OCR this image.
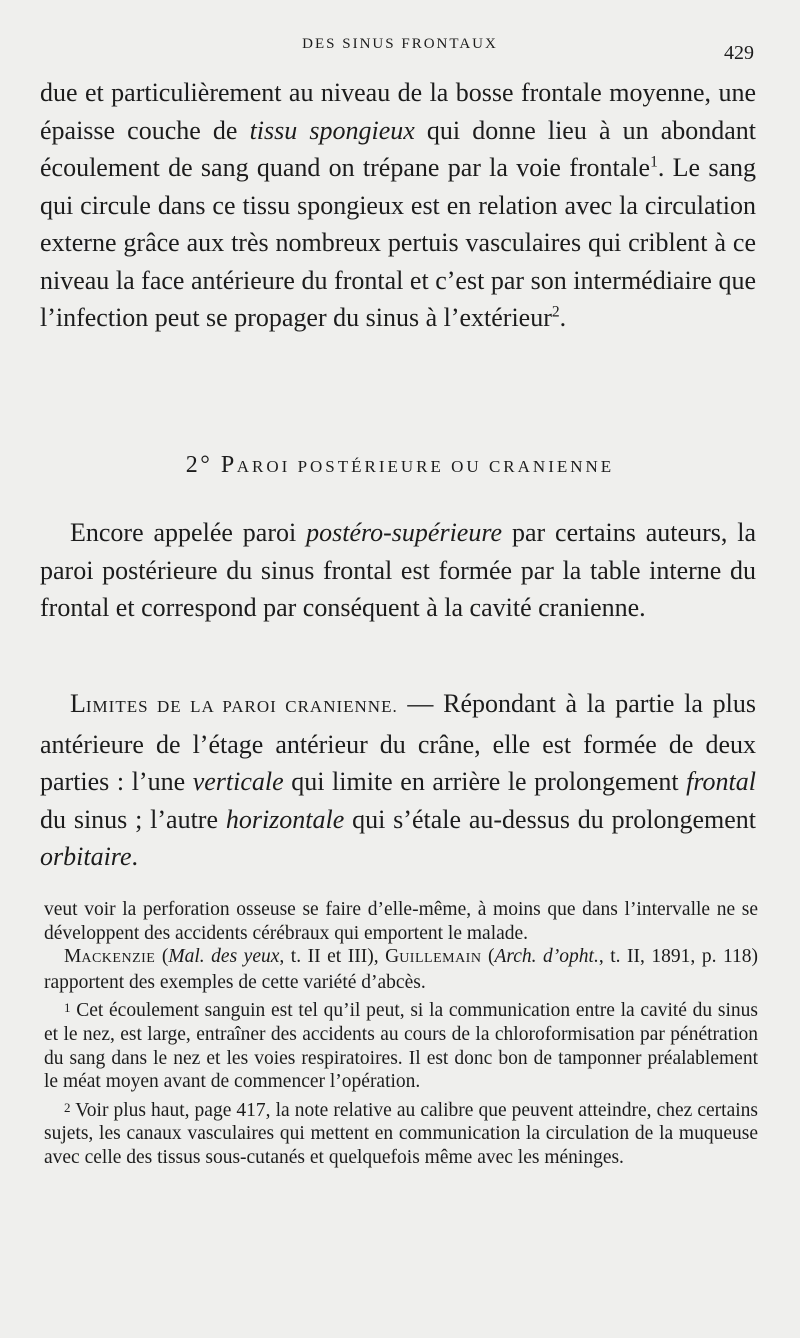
DES SINUS FRONTAUX	429

due et particulièrement au niveau de la bosse frontale moyenne, une épaisse couche de tissu spongieux qui donne lieu à un abondant écoulement de sang quand on trépane par la voie frontale$^1$. Le sang qui circule dans ce tissu spongieux est en relation avec la circulation externe grâce aux très nombreux pertuis vasculaires qui criblent à ce niveau la face antérieure du frontal et c’est par son intermédiaire que l’infection peut se propager du sinus à l’extérieur$^2$.

2° PAROI POSTÉRIEURE OU CRANIENNE

Encore appelée paroi postéro-supérieure par certains auteurs, la paroi postérieure du sinus frontal est formée par la table interne du frontal et correspond par conséquent à la cavité cranienne.

LIMITES DE LA PAROI CRANIENNE. — Répondant à la partie la plus antérieure de l’étage antérieur du crâne, elle est formée de deux parties : l’une verticale qui limite en arrière le prolongement frontal du sinus ; l’autre horizontale qui s’étale au-dessus du prolongement orbitaire.

veut voir la perforation osseuse se faire d’elle-même, à moins que dans l’intervalle ne se développent des accidents cérébraux qui emportent le malade.

MACKENZIE (Mal. des yeux, t. II et III), GUILLEMAIN (Arch. d’opht., t. II, 1891, p. 118) rapportent des exemples de cette variété d’abcès.

$^1$ Cet écoulement sanguin est tel qu’il peut, si la communication entre la cavité du sinus et le nez, est large, entraîner des accidents au cours de la chloroformisation par pénétration du sang dans le nez et les voies respiratoires. Il est donc bon de tamponner préalablement le méat moyen avant de commencer l’opération.

$^2$ Voir plus haut, page 417, la note relative au calibre que peuvent atteindre, chez certains sujets, les canaux vasculaires qui mettent en communication la circulation de la muqueuse avec celle des tissus sous-cutanés et quelquefois même avec les méninges.
